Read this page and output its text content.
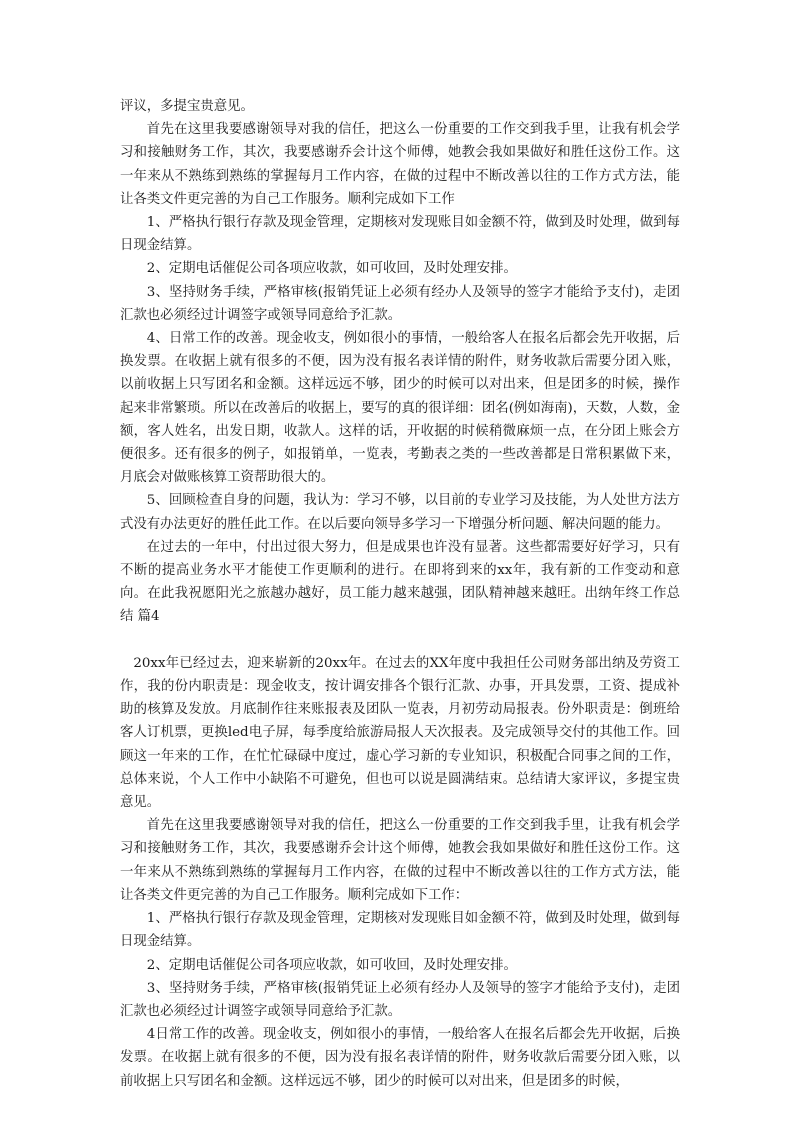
评议，多提宝贵意见。

首先在这里我要感谢领导对我的信任，把这么一份重要的工作交到我手里，让我有机会学习和接触财务工作，其次，我要感谢乔会计这个师傅，她教会我如果做好和胜任这份工作。这一年来从不熟练到熟练的掌握每月工作内容，在做的过程中不断改善以往的工作方式方法，能让各类文件更完善的为自己工作服务。顺利完成如下工作

1、严格执行银行存款及现金管理，定期核对发现账目如金额不符，做到及时处理，做到每日现金结算。

2、定期电话催促公司各项应收款，如可收回，及时处理安排。

3、坚持财务手续，严格审核(报销凭证上必须有经办人及领导的签字才能给予支付)，走团汇款也必须经过计调签字或领导同意给予汇款。

4、日常工作的改善。现金收支，例如很小的事情，一般给客人在报名后都会先开收据，后换发票。在收据上就有很多的不便，因为没有报名表详情的附件，财务收款后需要分团入账，以前收据上只写团名和金额。这样远远不够，团少的时候可以对出来，但是团多的时候，操作起来非常繁琐。所以在改善后的收据上，要写的真的很详细：团名(例如海南)，天数，人数，金额，客人姓名，出发日期，收款人。这样的话，开收据的时候稍微麻烦一点，在分团上账会方便很多。还有很多的例子，如报销单，一览表，考勤表之类的一些改善都是日常积累做下来，月底会对做账核算工资帮助很大的。

5、回顾检查自身的问题，我认为：学习不够，以目前的专业学习及技能，为人处世方法方式没有办法更好的胜任此工作。在以后要向领导多学习一下增强分析问题、解决问题的能力。

在过去的一年中，付出过很大努力，但是成果也许没有显著。这些都需要好好学习，只有不断的提高业务水平才能使工作更顺利的进行。在即将到来的xx年，我有新的工作变动和意向。在此我祝愿阳光之旅越办越好，员工能力越来越强，团队精神越来越旺。出纳年终工作总结 篇4

20xx年已经过去，迎来崭新的20xx年。在过去的XX年度中我担任公司财务部出纳及劳资工作，我的份内职责是：现金收支，按计调安排各个银行汇款、办事，开具发票，工资、提成补助的核算及发放。月底制作往来账报表及团队一览表，月初劳动局报表。份外职责是：倒班给客人订机票，更换led电子屏，每季度给旅游局报人天次报表。及完成领导交付的其他工作。回顾这一年来的工作，在忙忙碌碌中度过，虚心学习新的专业知识，积极配合同事之间的工作，总体来说，个人工作中小缺陷不可避免，但也可以说是圆满结束。总结请大家评议，多提宝贵意见。

首先在这里我要感谢领导对我的信任，把这么一份重要的工作交到我手里，让我有机会学习和接触财务工作，其次，我要感谢乔会计这个师傅，她教会我如果做好和胜任这份工作。这一年来从不熟练到熟练的掌握每月工作内容，在做的过程中不断改善以往的工作方式方法，能让各类文件更完善的为自己工作服务。顺利完成如下工作：

1、严格执行银行存款及现金管理，定期核对发现账目如金额不符，做到及时处理，做到每日现金结算。

2、定期电话催促公司各项应收款，如可收回，及时处理安排。

3、坚持财务手续，严格审核(报销凭证上必须有经办人及领导的签字才能给予支付)，走团汇款也必须经过计调签字或领导同意给予汇款。

4日常工作的改善。现金收支，例如很小的事情，一般给客人在报名后都会先开收据，后换发票。在收据上就有很多的不便，因为没有报名表详情的附件，财务收款后需要分团入账，以前收据上只写团名和金额。这样远远不够，团少的时候可以对出来，但是团多的时候，
